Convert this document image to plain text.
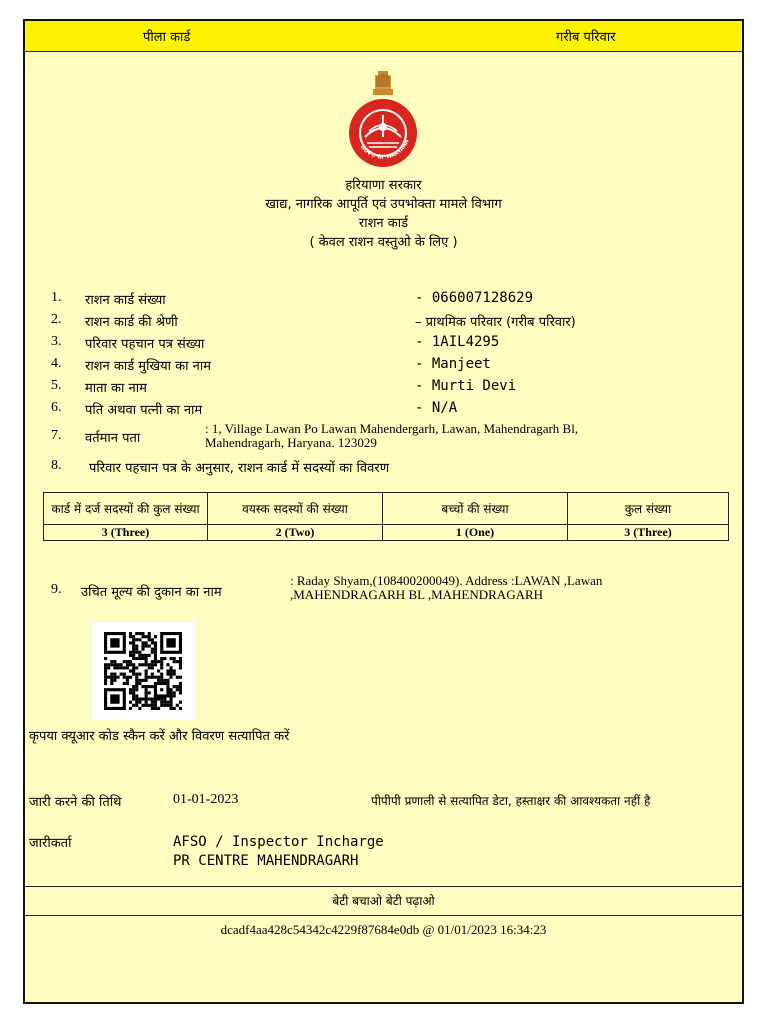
पीला कार्ड	गरीब परिवार
GOVT. OF HARYANA
हरियाणा सरकार
खाद्य, नागरिक आपूर्ति एवं उपभोक्ता मामले विभाग
राशन कार्ड
( केवल राशन वस्तुओ के लिए )
1. राशन कार्ड संख्या	- 066007128629
2. राशन कार्ड की श्रेणी	– प्राथमिक परिवार (गरीब परिवार)
3. परिवार पहचान पत्र संख्या	- 1AIL4295
4. राशन कार्ड मुखिया का नाम	- Manjeet
5. माता का नाम	- Murti Devi
6. पति अथवा पत्नी का नाम	- N/A
7. वर्तमान पता
: 1, Village Lawan Po Lawan Mahendergarh, Lawan, Mahendragarh Bl,
Mahendragarh, Haryana. 123029
8. परिवार पहचान पत्र के अनुसार, राशन कार्ड में सदस्यों का विवरण
कार्ड में दर्ज सदस्यों की कुल संख्या	वयस्क सदस्यों की संख्या	बच्चों की संख्या	कुल संख्या
3 (Three)	2 (Two)	1 (One)	3 (Three)
9. उचित मूल्य की दुकान का नाम
: Raday Shyam,(108400200049). Address :LAWAN ,Lawan
,MAHENDRAGARH BL ,MAHENDRAGARH
कृपया क्यूआर कोड स्कैन करें और विवरण सत्यापित करें
जारी करने की तिथि	01-01-2023	पीपीपी प्रणाली से सत्यापित डेटा, हस्ताक्षर की आवश्यकता नहीं है
जारीकर्ता	AFSO / Inspector Incharge
PR CENTRE MAHENDRAGARH
बेटी बचाओ बेटी पढ़ाओ
dcadf4aa428c54342c4229f87684e0db @ 01/01/2023 16:34:23
